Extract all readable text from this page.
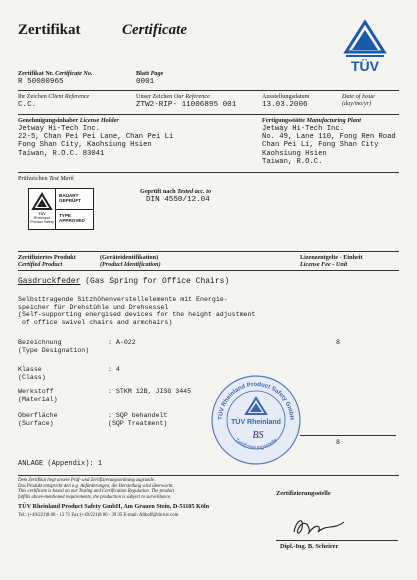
Zertifikat	Certificate
TÜV
Zertifikat Nr. Certificate No.
R 50080965
Blatt Page
0001
Ihr Zeichen Client Reference
C.C.
Unser Zeichen Our Reference
ZTW2-RIP- 11006895 001
Ausstellungsdatum
13.03.2006
Date of Issue
(day/mo/yr)
Genehmigungsinhaber License Holder
Jetway Hi-Tech Inc.
22-5, Chan Pei Pei Lane, Chan Pei Li
Fong Shan City, Kaohsiung Hsien
Taiwan, R.O.C. 83041
Fertigungsstätte Manufacturing Plant
Jetway Hi-Tech Inc.
No. 49, Lane 110, Fong Ren Road
Chan Pei Li, Fong Shan City
Kaohsiung Hsien
Taiwan, R.O.C.
Prüfzeichen Test Mark
TÜV
Rheinland
Product Safety
BAUART
GEPRÜFT
TYPE
APPROVED
Geprüft nach Tested acc. to
DIN 4550/12.04
Zertifiziertes Produkt
Certified Product
(Geräteidentifikation)
(Product Identification)
Lizenzentgelte - Einheit
License Fee - Unit
Gasdruckfeder (Gas Spring for Office Chairs)
Selbsttragende Sitzhöhenverstellelemente mit Energie-
speicher für Drehstühle und Drehsessel
(Self-supporting energised devices for the height adjustment
of office swivel chairs and armchairs)
Bezeichnung
(Type Designation)
: A-022	8
Klasse
(Class)
: 4
Werkstoff
(Material)
: STKM 12B, JISG 3445
Oberfläche
(Surface)
: SQP behandelt
(SQP Treatment)
TÜV Rheinland Product Safety GmbH
TÜV Rheinland
Zertifizierungsstelle
BS
8
ANLAGE (Appendix): 1
Dem Zertifikat liegt unsere Prüf- und Zertifizierungsordnung zugrunde.
Das Produkt entspricht den o.g. Anforderungen, die Herstellung wird überwacht.
This certificate is based on our Testing and Certification Regulation. The product
fulfills above-mentioned requirements, the production is subject to surveillance.
TÜV Rheinland Product Safety GmbH, Am Grauen Stein, D-51105 Köln
Tel.: (+49/221)8 06 - 13 71 Fax:(+49/221)8 06 - 39 35 E-mail: Althoff@de.tuv.com
Zertifizierungsstelle
Dipl.-Ing. B. Scheirer
